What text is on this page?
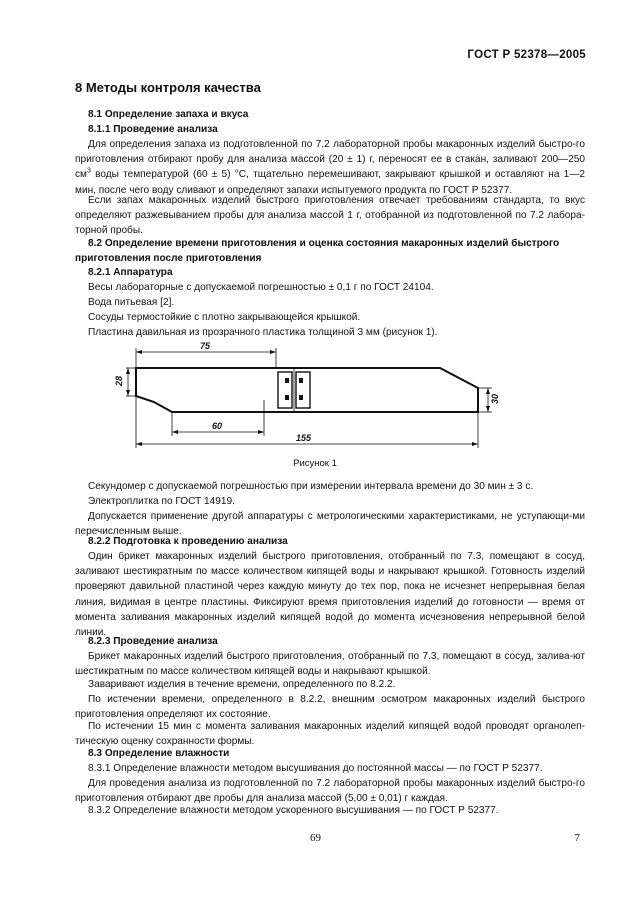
ГОСТ Р 52378—2005
8 Методы контроля качества

8.1 Определение запаха и вкуса

8.1.1 Проведение анализа

Для определения запаха из подготовленной по 7.2 лабораторной пробы макаронных изделий быстро-го приготовления отбирают пробу для анализа массой (20 ± 1) г, переносят ее в стакан, заливают 200—250 $см^3$ воды температурой (60 ± 5) °С, тщательно перемешивают, закрывают крышкой и оставляют на 1—2 мин, после чего воду сливают и определяют запахи испытуемого продукта по ГОСТ Р 52377.

Если запах макаронных изделий быстрого приготовления отвечает требованиям стандарта, то вкус определяют разжевыванием пробы для анализа массой 1 г, отобранной из подготовленной по 7.2 лабора-торной пробы.

8.2 Определение времени приготовления и оценка состояния макаронных изделий быстрого приготовления после приготовления

8.2.1 Аппаратура

Весы лабораторные с допускаемой погрешностью ± 0,1 г по ГОСТ 24104.

Вода питьевая [2].

Сосуды термостойкие с плотно закрывающейся крышкой.

Пластина давильная из прозрачного пластика толщиной 3 мм (рисунок 1).

75
28
30
60
155
Рисунок 1

Секундомер с допускаемой погрешностью при измерении интервала времени до 30 мин ± 3 с.

Электроплитка по ГОСТ 14919.

Допускается применение другой аппаратуры с метрологическими характеристиками, не уступающи-ми перечисленным выше.

8.2.2 Подготовка к проведению анализа

Один брикет макаронных изделий быстрого приготовления, отобранный по 7.3, помещают в сосуд, заливают шестикратным по массе количеством кипящей воды и накрывают крышкой. Готовность изделий проверяют давильной пластиной через каждую минуту до тех пор, пока не исчезнет непрерывная белая линия, видимая в центре пластины. Фиксируют время приготовления изделий до готовности — время от момента заливания макаронных изделий кипящей водой до момента исчезновения непрерывной белой линии.

8.2.3 Проведение анализа

Брикет макаронных изделий быстрого приготовления, отобранный по 7.3, помещают в сосуд, залива-ют шестикратным по массе количеством кипящей воды и накрывают крышкой.

Заваривают изделия в течение времени, определенного по 8.2.2.

По истечении времени, определенного в 8.2.2, внешним осмотром макаронных изделий быстрого приготовления определяют их состояние.

По истечении 15 мин с момента заливания макаронных изделий кипящей водой проводят органолеп-тическую оценку сохранности формы.

8.3 Определение влажности

8.3.1 Определение влажности методом высушивания до постоянной массы — по ГОСТ Р 52377.

Для проведения анализа из подготовленной по 7.2 лабораторной пробы макаронных изделий быстро-го приготовления отбирают две пробы для анализа массой (5,00 ± 0,01) г каждая.

8.3.2 Определение влажности методом ускоренного высушивания — по ГОСТ Р 52377.

69	7
